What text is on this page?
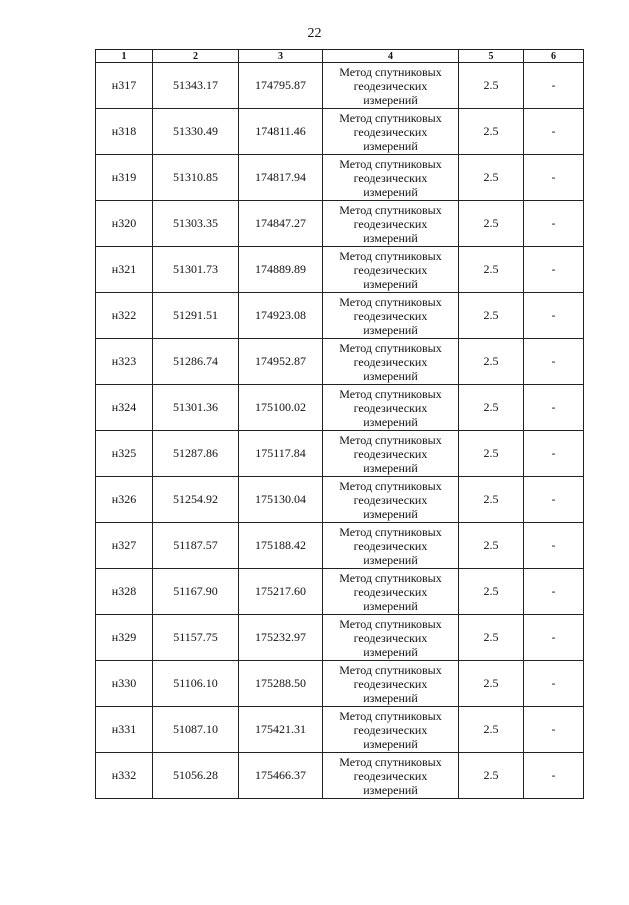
22
1	2	3	4	5	6
н317	51343.17	174795.87	Метод спутниковых
геодезических
измерений	2.5	-
н318	51330.49	174811.46	Метод спутниковых
геодезических
измерений	2.5	-
н319	51310.85	174817.94	Метод спутниковых
геодезических
измерений	2.5	-
н320	51303.35	174847.27	Метод спутниковых
геодезических
измерений	2.5	-
н321	51301.73	174889.89	Метод спутниковых
геодезических
измерений	2.5	-
н322	51291.51	174923.08	Метод спутниковых
геодезических
измерений	2.5	-
н323	51286.74	174952.87	Метод спутниковых
геодезических
измерений	2.5	-
н324	51301.36	175100.02	Метод спутниковых
геодезических
измерений	2.5	-
н325	51287.86	175117.84	Метод спутниковых
геодезических
измерений	2.5	-
н326	51254.92	175130.04	Метод спутниковых
геодезических
измерений	2.5	-
н327	51187.57	175188.42	Метод спутниковых
геодезических
измерений	2.5	-
н328	51167.90	175217.60	Метод спутниковых
геодезических
измерений	2.5	-
н329	51157.75	175232.97	Метод спутниковых
геодезических
измерений	2.5	-
н330	51106.10	175288.50	Метод спутниковых
геодезических
измерений	2.5	-
н331	51087.10	175421.31	Метод спутниковых
геодезических
измерений	2.5	-
н332	51056.28	175466.37	Метод спутниковых
геодезических
измерений	2.5	-
